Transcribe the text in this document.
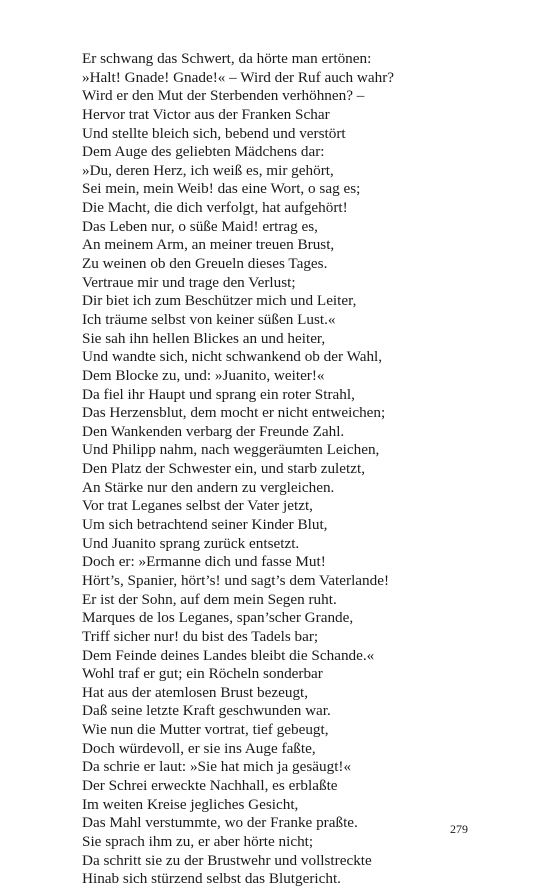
Er schwang das Schwert, da hörte man ertönen:
»Halt! Gnade! Gnade!« – Wird der Ruf auch wahr?
Wird er den Mut der Sterbenden verhöhnen? –
Hervor trat Victor aus der Franken Schar
Und stellte bleich sich, bebend und verstört
Dem Auge des geliebten Mädchens dar:
»Du, deren Herz, ich weiß es, mir gehört,
Sei mein, mein Weib! das eine Wort, o sag es;
Die Macht, die dich verfolgt, hat aufgehört!
Das Leben nur, o süße Maid! ertrag es,
An meinem Arm, an meiner treuen Brust,
Zu weinen ob den Greueln dieses Tages.
Vertraue mir und trage den Verlust;
Dir biet ich zum Beschützer mich und Leiter,
Ich träume selbst von keiner süßen Lust.«
Sie sah ihn hellen Blickes an und heiter,
Und wandte sich, nicht schwankend ob der Wahl,
Dem Blocke zu, und: »Juanito, weiter!«
Da fiel ihr Haupt und sprang ein roter Strahl,
Das Herzensblut, dem mocht er nicht entweichen;
Den Wankenden verbarg der Freunde Zahl.
Und Philipp nahm, nach weggeräumten Leichen,
Den Platz der Schwester ein, und starb zuletzt,
An Stärke nur den andern zu vergleichen.
Vor trat Leganes selbst der Vater jetzt,
Um sich betrachtend seiner Kinder Blut,
Und Juanito sprang zurück entsetzt.
Doch er: »Ermanne dich und fasse Mut!
Hört’s, Spanier, hört’s! und sagt’s dem Vaterlande!
Er ist der Sohn, auf dem mein Segen ruht.
Marques de los Leganes, span’scher Grande,
Triff sicher nur! du bist des Tadels bar;
Dem Feinde deines Landes bleibt die Schande.«
Wohl traf er gut; ein Röcheln sonderbar
Hat aus der atemlosen Brust bezeugt,
Daß seine letzte Kraft geschwunden war.
Wie nun die Mutter vortrat, tief gebeugt,
Doch würdevoll, er sie ins Auge faßte,
Da schrie er laut: »Sie hat mich ja gesäugt!«
Der Schrei erweckte Nachhall, es erblaßte
Im weiten Kreise jegliches Gesicht,
Das Mahl verstummte, wo der Franke praßte.
Sie sprach ihm zu, er aber hörte nicht;
Da schritt sie zu der Brustwehr und vollstreckte
Hinab sich stürzend selbst das Blutgericht.
279
